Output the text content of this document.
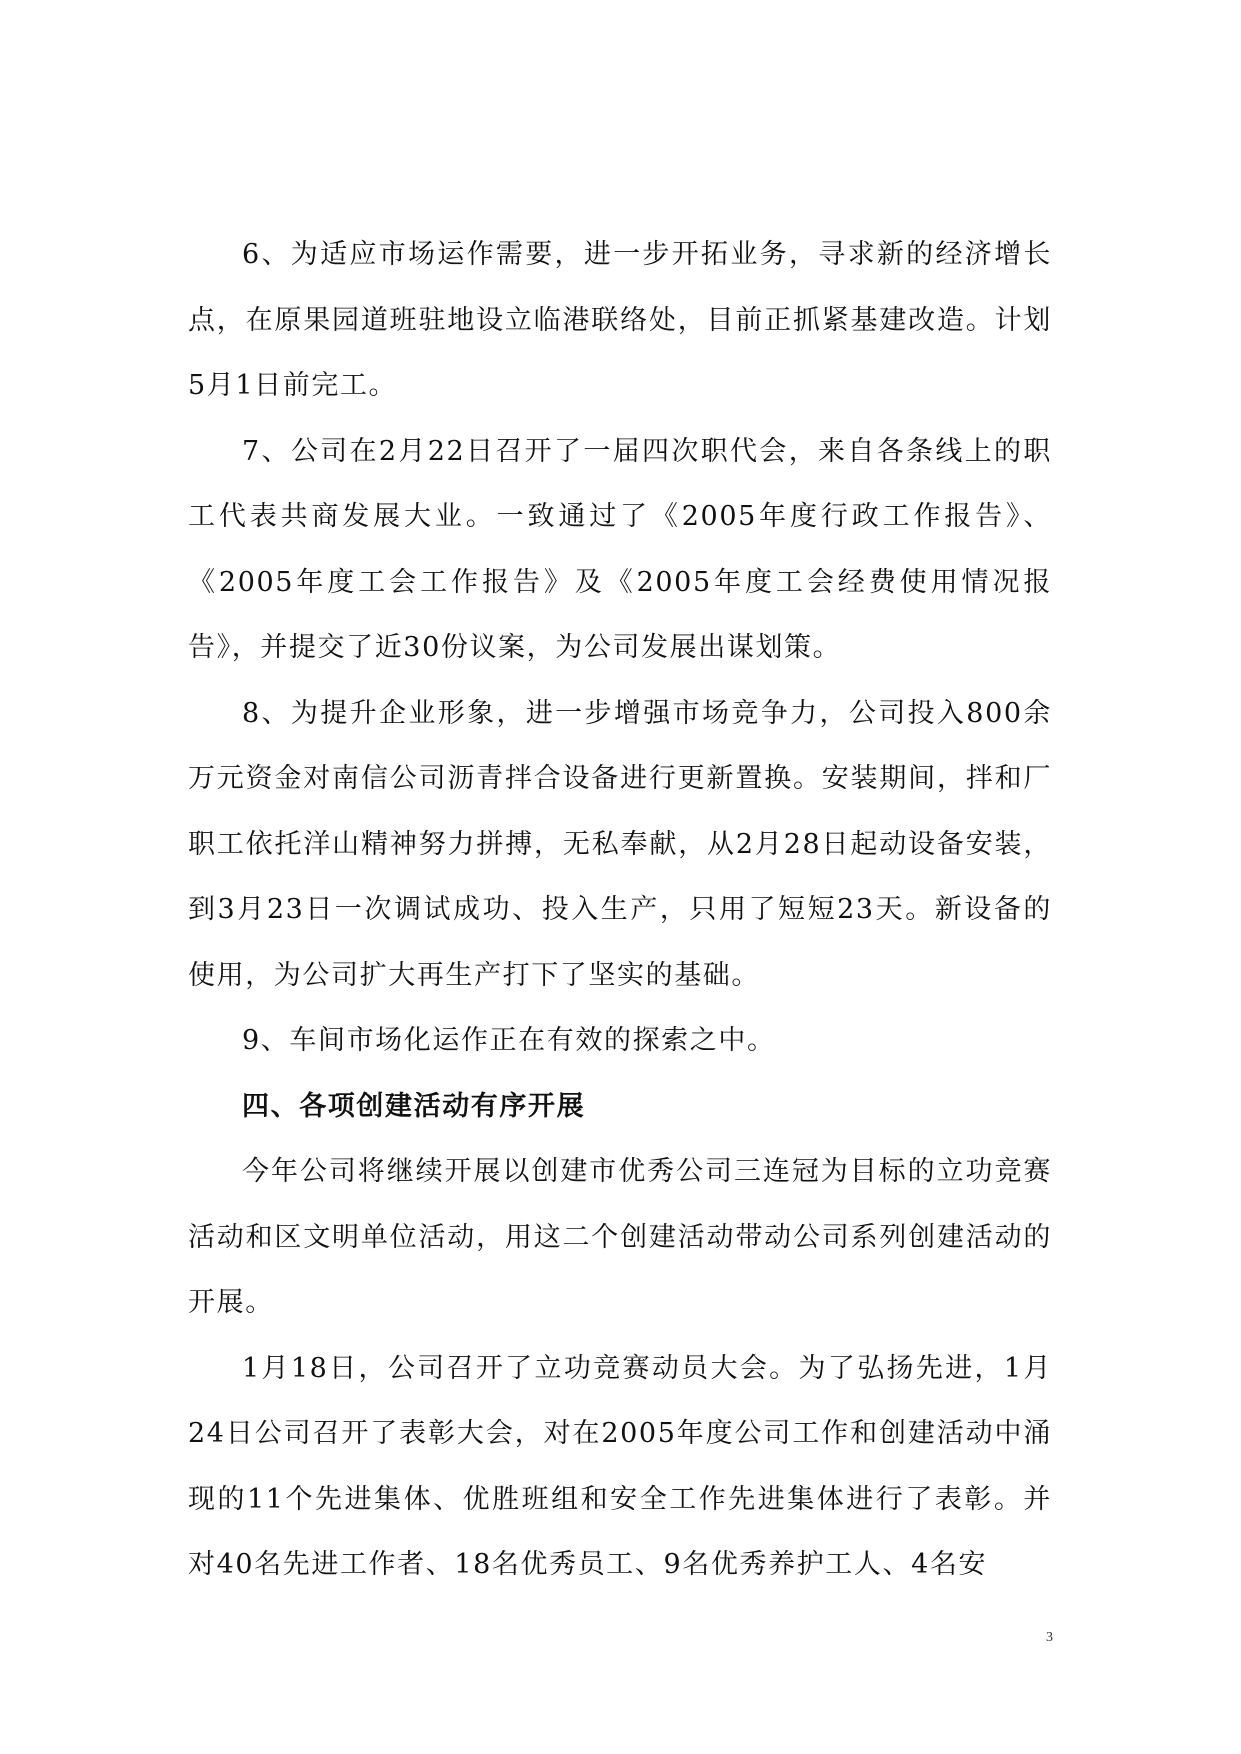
6、为适应市场运作需要，进一步开拓业务，寻求新的经济增长点，在原果园道班驻地设立临港联络处，目前正抓紧基建改造。计划5月1日前完工。

7、公司在2月22日召开了一届四次职代会，来自各条线上的职工代表共商发展大业。一致通过了《2005年度行政工作报告》、《2005年度工会工作报告》及《2005年度工会经费使用情况报告》，并提交了近30份议案，为公司发展出谋划策。

8、为提升企业形象，进一步增强市场竞争力，公司投入800余万元资金对南信公司沥青拌合设备进行更新置换。安装期间，拌和厂职工依托洋山精神努力拼搏，无私奉献，从2月28日起动设备安装，到3月23日一次调试成功、投入生产，只用了短短23天。新设备的使用，为公司扩大再生产打下了坚实的基础。

9、车间市场化运作正在有效的探索之中。

四、各项创建活动有序开展

今年公司将继续开展以创建市优秀公司三连冠为目标的立功竞赛活动和区文明单位活动，用这二个创建活动带动公司系列创建活动的开展。

1月18日，公司召开了立功竞赛动员大会。为了弘扬先进，1月24日公司召开了表彰大会，对在2005年度公司工作和创建活动中涌现的11个先进集体、优胜班组和安全工作先进集体进行了表彰。并对40名先进工作者、18名优秀员工、9名优秀养护工人、4名安

3
